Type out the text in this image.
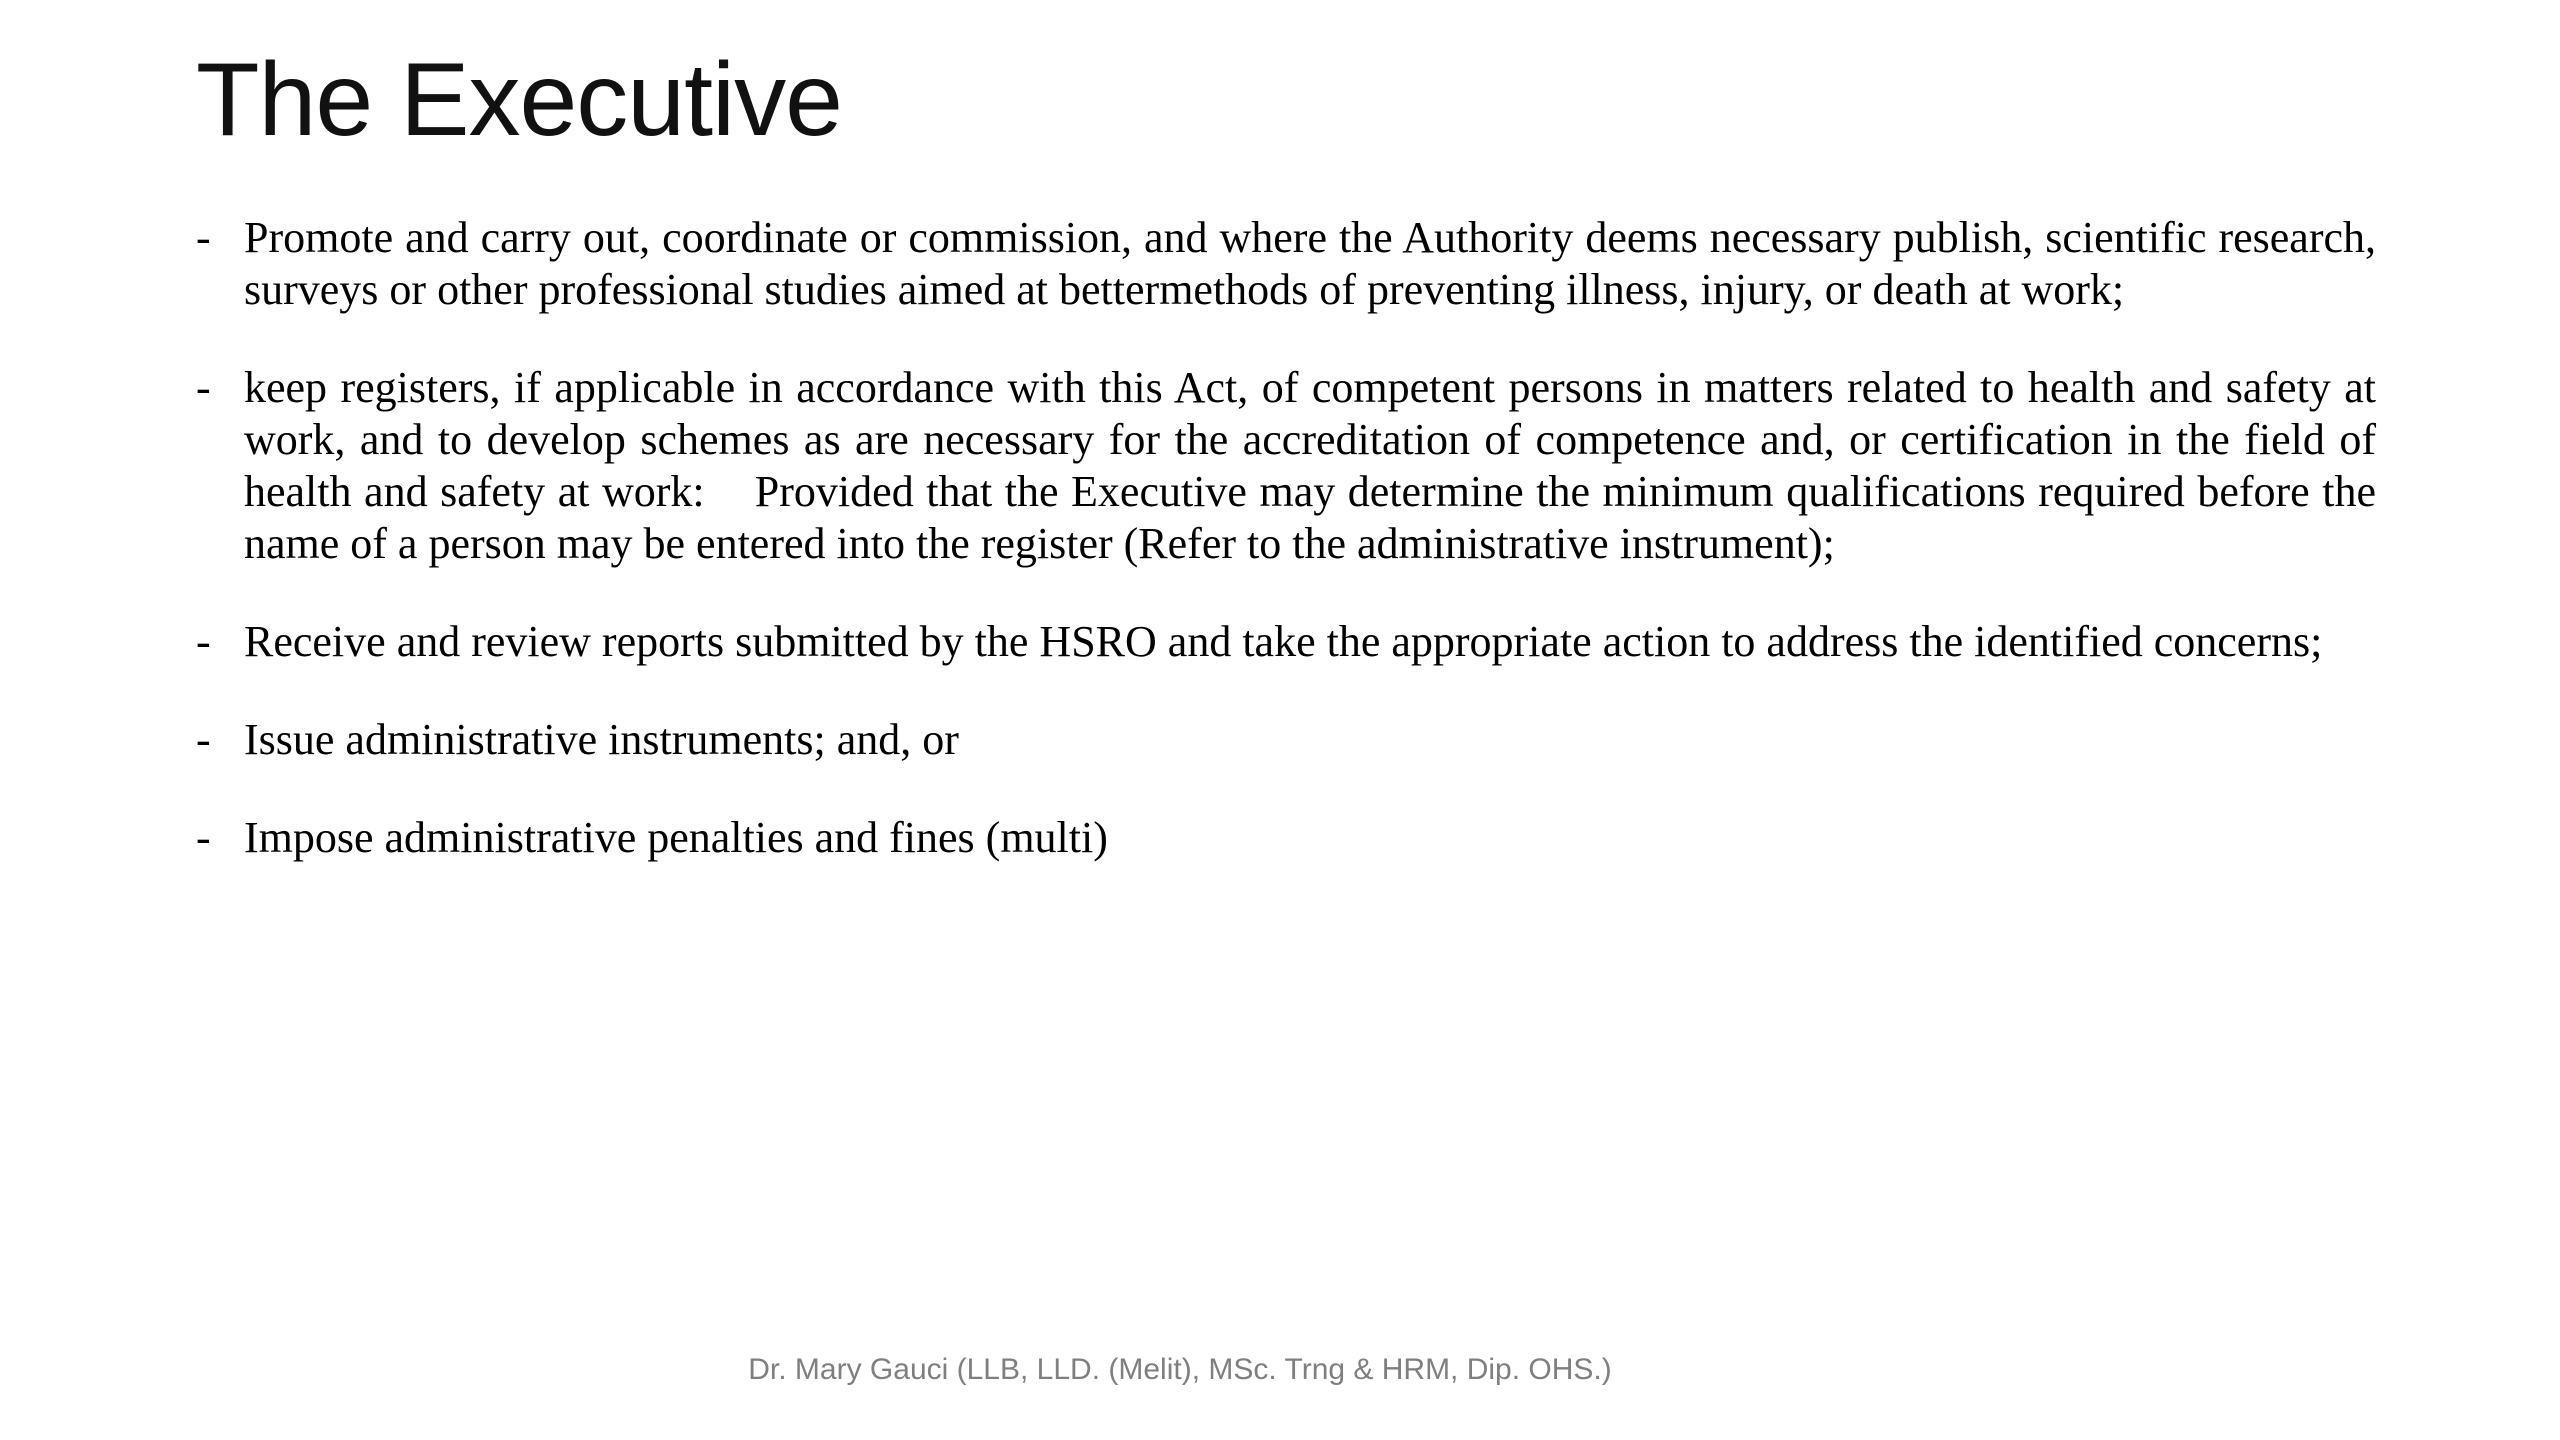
The Executive
- Promote and carry out, coordinate or commission, and where the Authority deems necessary publish, scientific research, surveys or other professional studies aimed at bettermethods of preventing illness, injury, or death at work;
- keep registers, if applicable in accordance with this Act, of competent persons in matters related to health and safety at work, and to develop schemes as are necessary for the accreditation of competence and, or certification in the field of health and safety at work:    Provided that the Executive may determine the minimum qualifications required before the name of a person may be entered into the register (Refer to the administrative instrument);
- Receive and review reports submitted by the HSRO and take the appropriate action to address the identified concerns;
- Issue administrative instruments; and, or
- Impose administrative penalties and fines (multi)
Dr. Mary Gauci (LLB, LLD. (Melit), MSc. Trng & HRM, Dip. OHS.)
